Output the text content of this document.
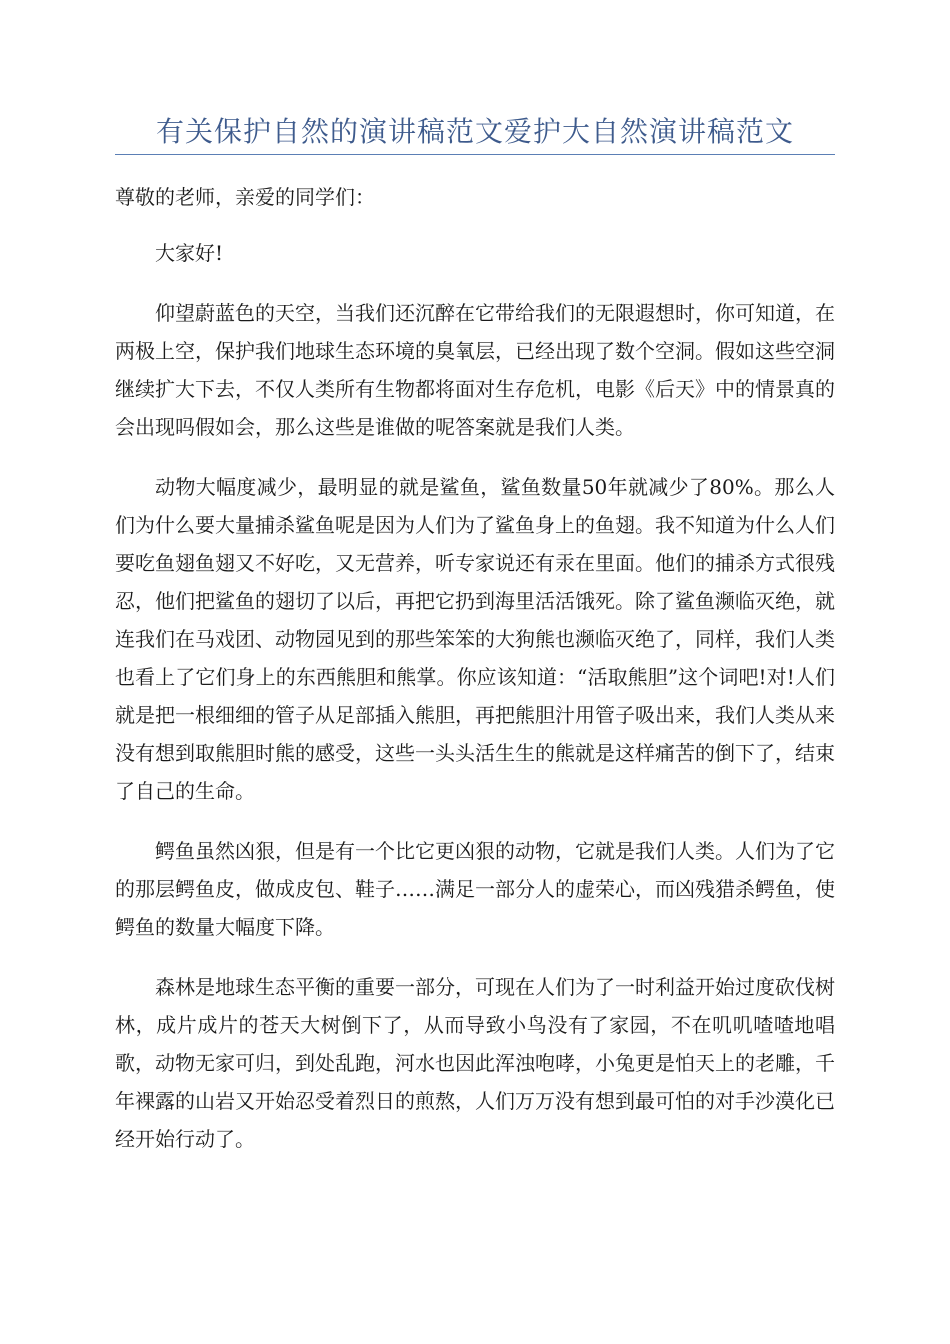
有关保护自然的演讲稿范文爱护大自然演讲稿范文

尊敬的老师，亲爱的同学们：

大家好!

仰望蔚蓝色的天空，当我们还沉醉在它带给我们的无限遐想时，你可知道，在两极上空，保护我们地球生态环境的臭氧层，已经出现了数个空洞。假如这些空洞继续扩大下去，不仅人类所有生物都将面对生存危机，电影《后天》中的情景真的会出现吗假如会，那么这些是谁做的呢答案就是我们人类。

动物大幅度减少，最明显的就是鲨鱼，鲨鱼数量50年就减少了80%。那么人们为什么要大量捕杀鲨鱼呢是因为人们为了鲨鱼身上的鱼翅。我不知道为什么人们要吃鱼翅鱼翅又不好吃，又无营养，听专家说还有汞在里面。他们的捕杀方式很残忍，他们把鲨鱼的翅切了以后，再把它扔到海里活活饿死。除了鲨鱼濒临灭绝，就连我们在马戏团、动物园见到的那些笨笨的大狗熊也濒临灭绝了，同样，我们人类也看上了它们身上的东西熊胆和熊掌。你应该知道：“活取熊胆”这个词吧!对!人们就是把一根细细的管子从足部插入熊胆，再把熊胆汁用管子吸出来，我们人类从来没有想到取熊胆时熊的感受，这些一头头活生生的熊就是这样痛苦的倒下了，结束了自己的生命。

鳄鱼虽然凶狠，但是有一个比它更凶狠的动物，它就是我们人类。人们为了它的那层鳄鱼皮，做成皮包、鞋子……满足一部分人的虚荣心，而凶残猎杀鳄鱼，使鳄鱼的数量大幅度下降。

森林是地球生态平衡的重要一部分，可现在人们为了一时利益开始过度砍伐树林，成片成片的苍天大树倒下了，从而导致小鸟没有了家园，不在叽叽喳喳地唱歌，动物无家可归，到处乱跑，河水也因此浑浊咆哮，小兔更是怕天上的老雕，千年裸露的山岩又开始忍受着烈日的煎熬，人们万万没有想到最可怕的对手沙漠化已经开始行动了。
